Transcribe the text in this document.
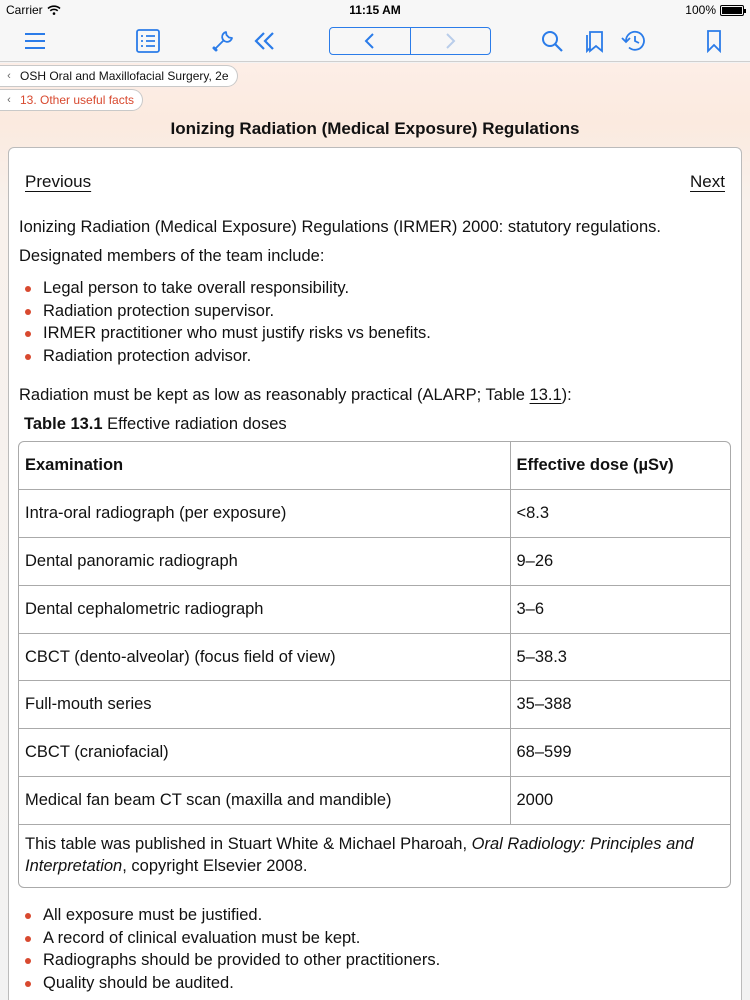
Carrier	11:15 AM	100%
‹ OSH Oral and Maxillofacial Surgery, 2e
‹ 13. Other useful facts
Ionizing Radiation (Medical Exposure) Regulations
Previous	Next

Ionizing Radiation (Medical Exposure) Regulations (IRMER) 2000: statutory regulations.

Designated members of the team include:

Legal person to take overall responsibility.
Radiation protection supervisor.
IRMER practitioner who must justify risks vs benefits.
Radiation protection advisor.

Radiation must be kept as low as reasonably practical (ALARP; Table 13.1):

Table 13.1 Effective radiation doses
Examination	Effective dose (µSv)
Intra-oral radiograph (per exposure)	<8.3
Dental panoramic radiograph	9–26
Dental cephalometric radiograph	3–6
CBCT (dento-alveolar) (focus field of view)	5–38.3
Full-mouth series	35–388
CBCT (craniofacial)	68–599
Medical fan beam CT scan (maxilla and mandible)	2000
This table was published in Stuart White & Michael Pharoah, Oral Radiology: Principles and Interpretation, copyright Elsevier 2008.
All exposure must be justified.
A record of clinical evaluation must be kept.
Radiographs should be provided to other practitioners.
Quality should be audited.
